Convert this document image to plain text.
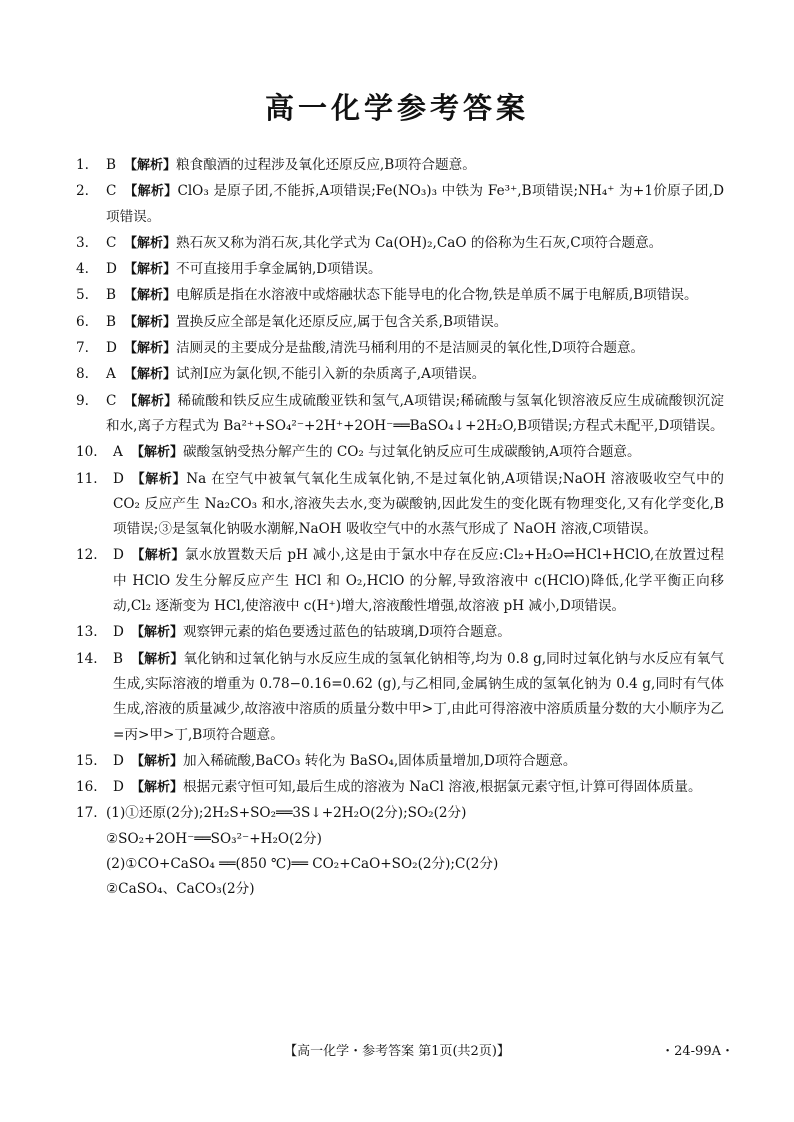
高一化学参考答案
1. B 【解析】粮食酿酒的过程涉及氧化还原反应,B项符合题意。
2. C 【解析】ClO₃ 是原子团,不能拆,A项错误;Fe(NO₃)₃ 中铁为 Fe³⁺,B项错误;NH₄⁺ 为+1价原子团,D项错误。
3. C 【解析】熟石灰又称为消石灰,其化学式为 Ca(OH)₂,CaO 的俗称为生石灰,C项符合题意。
4. D 【解析】不可直接用手拿金属钠,D项错误。
5. B 【解析】电解质是指在水溶液中或熔融状态下能导电的化合物,铁是单质不属于电解质,B项错误。
6. B 【解析】置换反应全部是氧化还原反应,属于包含关系,B项错误。
7. D 【解析】洁厕灵的主要成分是盐酸,清洗马桶利用的不是洁厕灵的氧化性,D项符合题意。
8. A 【解析】试剂Ⅰ应为氯化钡,不能引入新的杂质离子,A项错误。
9. C 【解析】稀硫酸和铁反应生成硫酸亚铁和氢气,A项错误;稀硫酸与氢氧化钡溶液反应生成硫酸钡沉淀和水,离子方程式为 Ba²⁺+SO₄²⁻+2H⁺+2OH⁻══BaSO₄↓+2H₂O,B项错误;方程式未配平,D项错误。
10. A 【解析】碳酸氢钠受热分解产生的 CO₂ 与过氧化钠反应可生成碳酸钠,A项符合题意。
11. D 【解析】Na 在空气中被氧气氧化生成氧化钠,不是过氧化钠,A项错误;NaOH 溶液吸收空气中的 CO₂ 反应产生 Na₂CO₃ 和水,溶液失去水,变为碳酸钠,因此发生的变化既有物理变化,又有化学变化,B项错误;③是氢氧化钠吸水潮解,NaOH 吸收空气中的水蒸气形成了 NaOH 溶液,C项错误。
12. D 【解析】氯水放置数天后 pH 减小,这是由于氯水中存在反应:Cl₂+H₂O⇌HCl+HClO,在放置过程中 HClO 发生分解反应产生 HCl 和 O₂,HClO 的分解,导致溶液中 c(HClO)降低,化学平衡正向移动,Cl₂ 逐渐变为 HCl,使溶液中 c(H⁺)增大,溶液酸性增强,故溶液 pH 减小,D项错误。
13. D 【解析】观察钾元素的焰色要透过蓝色的钴玻璃,D项符合题意。
14. B 【解析】氧化钠和过氧化钠与水反应生成的氢氧化钠相等,均为 0.8 g,同时过氧化钠与水反应有氧气生成,实际溶液的增重为 0.78−0.16=0.62 (g),与乙相同,金属钠生成的氢氧化钠为 0.4 g,同时有气体生成,溶液的质量减少,故溶液中溶质的质量分数中甲>丁,由此可得溶液中溶质质量分数的大小顺序为乙=丙>甲>丁,B项符合题意。
15. D 【解析】加入稀硫酸,BaCO₃ 转化为 BaSO₄,固体质量增加,D项符合题意。
16. D 【解析】根据元素守恒可知,最后生成的溶液为 NaCl 溶液,根据氯元素守恒,计算可得固体质量。
17. (1)①还原(2分);2H₂S+SO₂══3S↓+2H₂O(2分);SO₂(2分)
②SO₂+2OH⁻══SO₃²⁻+H₂O(2分)
(2)①CO+CaSO₄ ══(850 ℃)══ CO₂+CaO+SO₂(2分);C(2分)
②CaSO₄、CaCO₃(2分)
【高一化学・参考答案 第1页(共2页)】	・24-99A・
